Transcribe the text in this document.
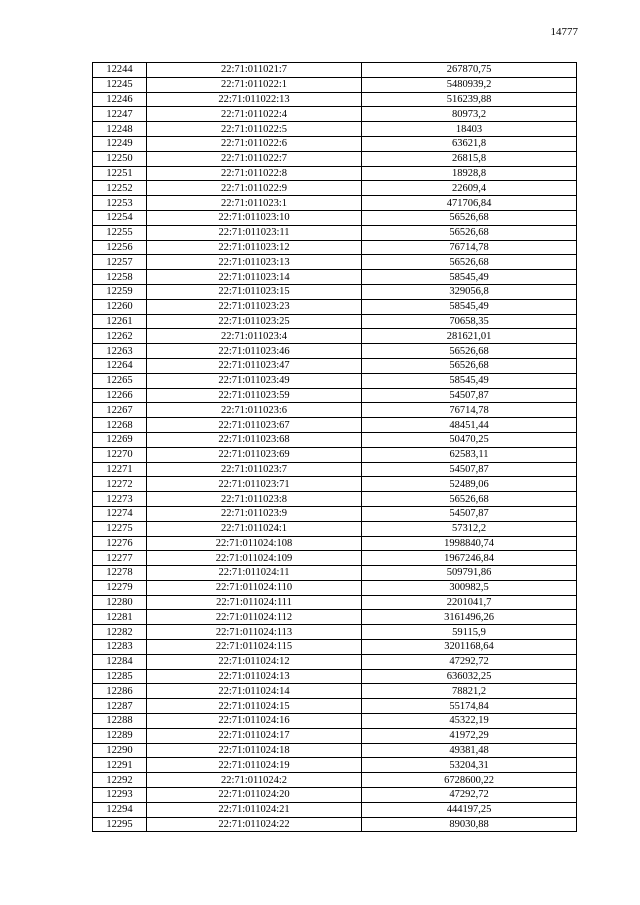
14777
12244	22:71:011021:7	267870,75
12245	22:71:011022:1	5480939,2
12246	22:71:011022:13	516239,88
12247	22:71:011022:4	80973,2
12248	22:71:011022:5	18403
12249	22:71:011022:6	63621,8
12250	22:71:011022:7	26815,8
12251	22:71:011022:8	18928,8
12252	22:71:011022:9	22609,4
12253	22:71:011023:1	471706,84
12254	22:71:011023:10	56526,68
12255	22:71:011023:11	56526,68
12256	22:71:011023:12	76714,78
12257	22:71:011023:13	56526,68
12258	22:71:011023:14	58545,49
12259	22:71:011023:15	329056,8
12260	22:71:011023:23	58545,49
12261	22:71:011023:25	70658,35
12262	22:71:011023:4	281621,01
12263	22:71:011023:46	56526,68
12264	22:71:011023:47	56526,68
12265	22:71:011023:49	58545,49
12266	22:71:011023:59	54507,87
12267	22:71:011023:6	76714,78
12268	22:71:011023:67	48451,44
12269	22:71:011023:68	50470,25
12270	22:71:011023:69	62583,11
12271	22:71:011023:7	54507,87
12272	22:71:011023:71	52489,06
12273	22:71:011023:8	56526,68
12274	22:71:011023:9	54507,87
12275	22:71:011024:1	57312,2
12276	22:71:011024:108	1998840,74
12277	22:71:011024:109	1967246,84
12278	22:71:011024:11	509791,86
12279	22:71:011024:110	300982,5
12280	22:71:011024:111	2201041,7
12281	22:71:011024:112	3161496,26
12282	22:71:011024:113	59115,9
12283	22:71:011024:115	3201168,64
12284	22:71:011024:12	47292,72
12285	22:71:011024:13	636032,25
12286	22:71:011024:14	78821,2
12287	22:71:011024:15	55174,84
12288	22:71:011024:16	45322,19
12289	22:71:011024:17	41972,29
12290	22:71:011024:18	49381,48
12291	22:71:011024:19	53204,31
12292	22:71:011024:2	6728600,22
12293	22:71:011024:20	47292,72
12294	22:71:011024:21	444197,25
12295	22:71:011024:22	89030,88
